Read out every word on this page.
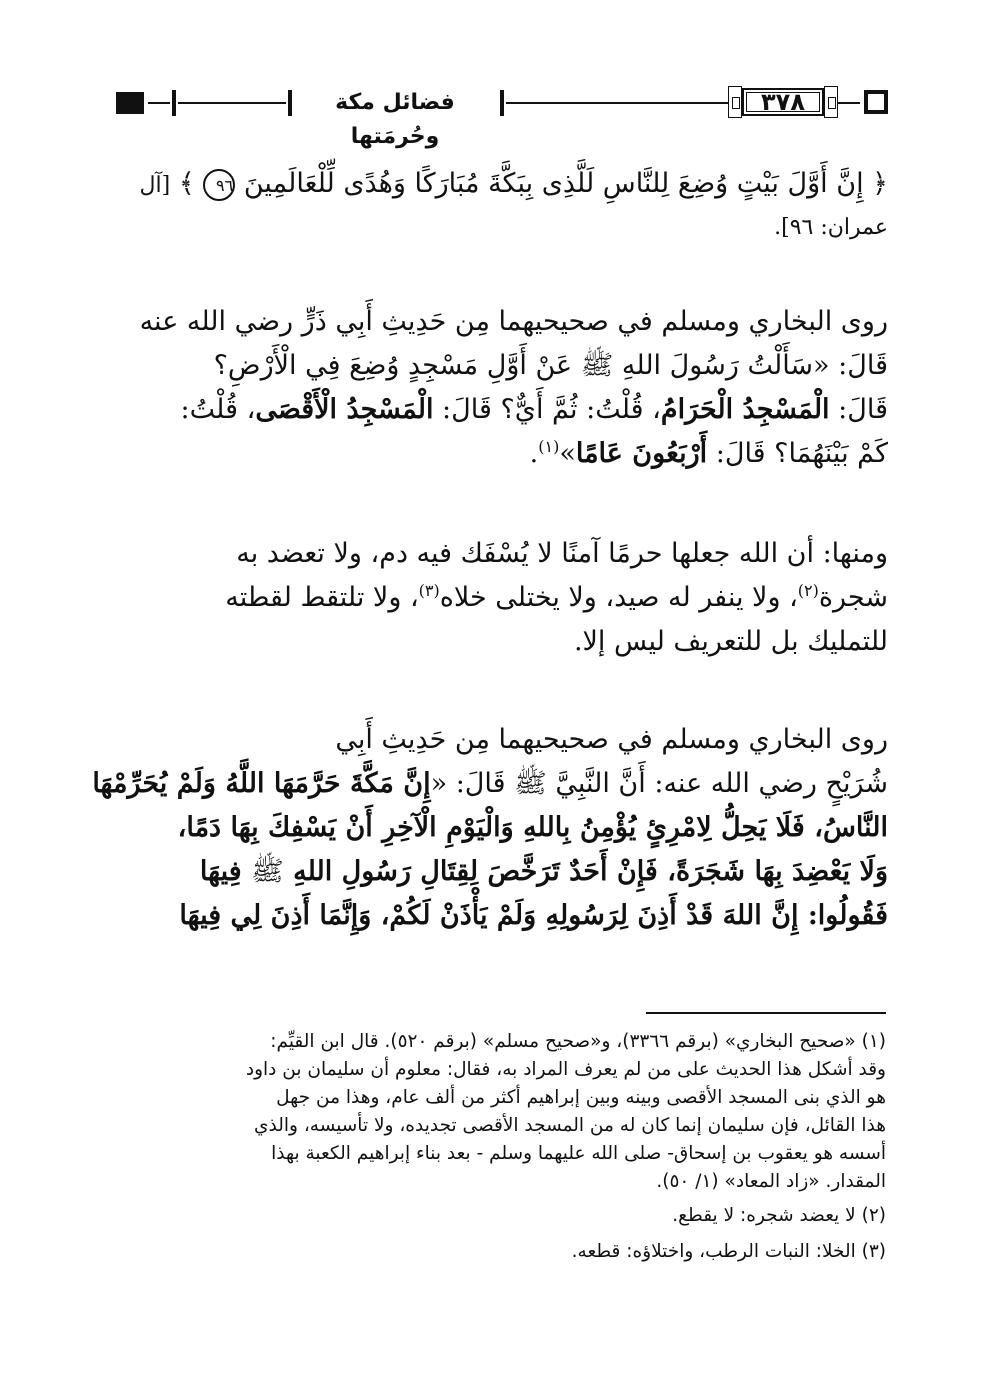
فضائل مكة وحُرمَتها
٣٧٨
﴿ إِنَّ أَوَّلَ بَيْتٍ وُضِعَ لِلنَّاسِ لَلَّذِى بِبَكَّةَ مُبَارَكًا وَهُدًى لِّلْعَالَمِينَ ٩٦ ﴾ [آل
عمران: ٩٦].
روى البخاري ومسلم في صحيحيهما مِن حَدِيثِ أَبِي ذَرٍّ رضي الله عنه
قَالَ: «سَأَلْتُ رَسُولَ اللهِ ﷺ عَنْ أَوَّلِ مَسْجِدٍ وُضِعَ فِي الْأَرْضِ؟
قَالَ: الْمَسْجِدُ الْحَرَامُ، قُلْتُ: ثُمَّ أَيٌّ؟ قَالَ: الْمَسْجِدُ الْأَقْصَى، قُلْتُ:
كَمْ بَيْنَهُمَا؟ قَالَ: أَرْبَعُونَ عَامًا»$^{(١)}$.
ومنها: أن الله جعلها حرمًا آمنًا لا يُسْفَك فيه دم، ولا تعضد به
شجرة$^{(٢)}$، ولا ينفر له صيد، ولا يختلى خلاه$^{(٣)}$، ولا تلتقط لقطته
للتمليك بل للتعريف ليس إلا.
روى البخاري ومسلم في صحيحيهما مِن حَدِيثِ أَبِي
شُرَيْحٍ رضي الله عنه: أَنَّ النَّبِيَّ ﷺ قَالَ: «إِنَّ مَكَّةَ حَرَّمَهَا اللَّهُ وَلَمْ يُحَرِّمْهَا
النَّاسُ، فَلَا يَحِلُّ لِامْرِئٍ يُؤْمِنُ بِاللهِ وَالْيَوْمِ الْآخِرِ أَنْ يَسْفِكَ بِهَا دَمًا،
وَلَا يَعْضِدَ بِهَا شَجَرَةً، فَإِنْ أَحَدٌ تَرَخَّصَ لِقِتَالِ رَسُولِ اللهِ ﷺ فِيهَا
فَقُولُوا: إِنَّ اللهَ قَدْ أَذِنَ لِرَسُولِهِ وَلَمْ يَأْذَنْ لَكُمْ، وَإِنَّمَا أَذِنَ لِي فِيهَا
(١) «صحيح البخاري» (برقم ٣٣٦٦)، و«صحيح مسلم» (برقم ٥٢٠). قال ابن القيِّم:
وقد أشكل هذا الحديث على من لم يعرف المراد به، فقال: معلوم أن سليمان بن داود
هو الذي بنى المسجد الأقصى وبينه وبين إبراهيم أكثر من ألف عام، وهذا من جهل
هذا القائل، فإن سليمان إنما كان له من المسجد الأقصى تجديده، ولا تأسيسه، والذي
أسسه هو يعقوب بن إسحاق- صلى الله عليهما وسلم - بعد بناء إبراهيم الكعبة بهذا
المقدار. «زاد المعاد» (١/ ٥٠).
(٢) لا يعضد شجره: لا يقطع.
(٣) الخلا: النبات الرطب، واختلاؤه: قطعه.
